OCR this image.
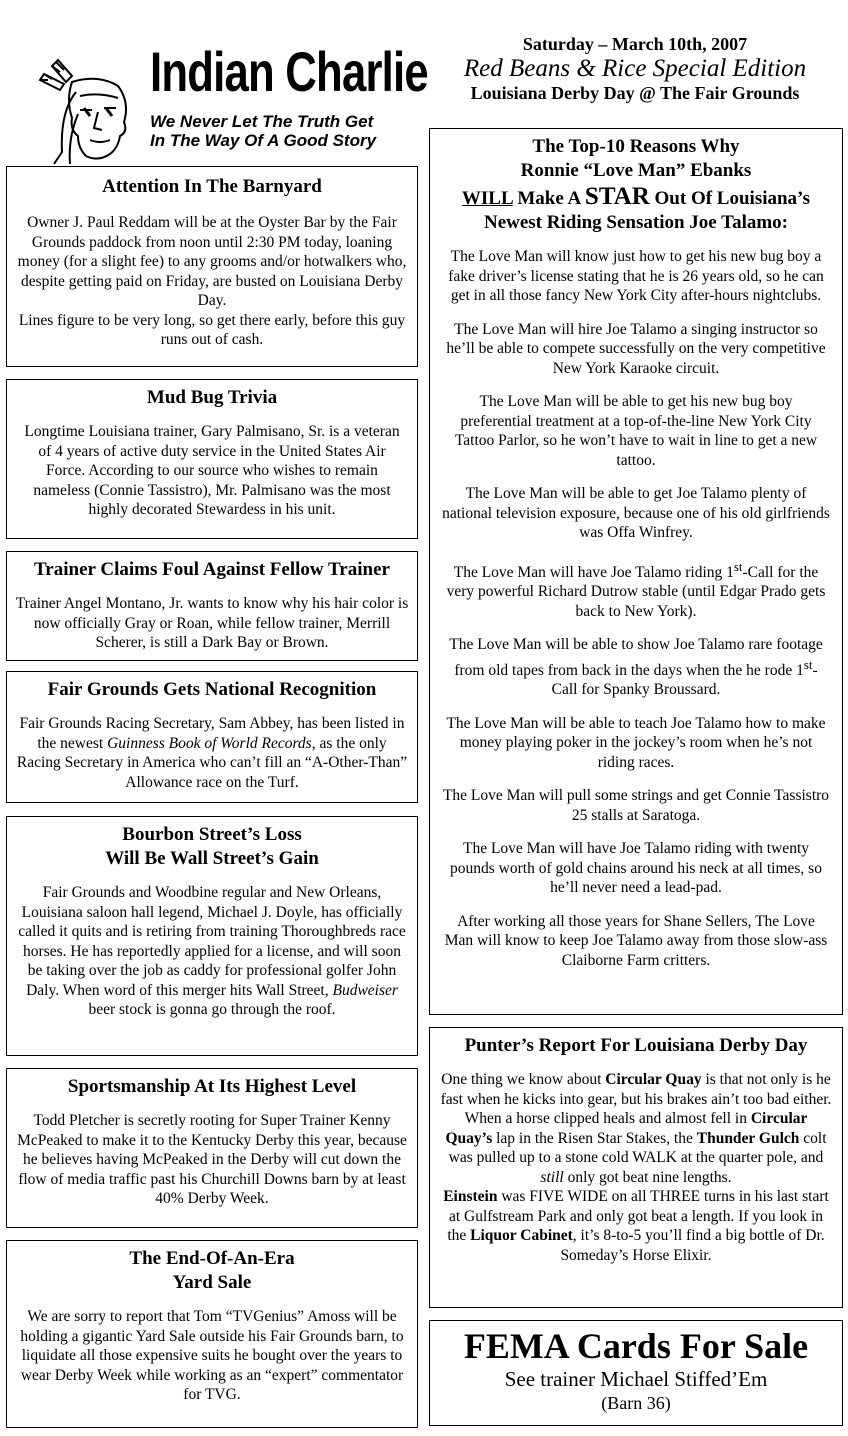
Indian Charlie
We Never Let The Truth Get
In The Way Of A Good Story
Saturday – March 10th, 2007
Red Beans & Rice Special Edition
Louisiana Derby Day @ The Fair Grounds
Attention In The Barnyard
Owner J. Paul Reddam will be at the Oyster Bar by the Fair Grounds paddock from noon until 2:30 PM today, loaning money (for a slight fee) to any grooms and/or hotwalkers who, despite getting paid on Friday, are busted on Louisiana Derby Day.
Lines figure to be very long, so get there early, before this guy runs out of cash.
Mud Bug Trivia
Longtime Louisiana trainer, Gary Palmisano, Sr. is a veteran of 4 years of active duty service in the United States Air Force. According to our source who wishes to remain nameless (Connie Tassistro), Mr. Palmisano was the most highly decorated Stewardess in his unit.
Trainer Claims Foul Against Fellow Trainer
Trainer Angel Montano, Jr. wants to know why his hair color is now officially Gray or Roan, while fellow trainer, Merrill Scherer, is still a Dark Bay or Brown.
Fair Grounds Gets National Recognition
Fair Grounds Racing Secretary, Sam Abbey, has been listed in the newest Guinness Book of World Records, as the only Racing Secretary in America who can’t fill an “A-Other-Than” Allowance race on the Turf.
Bourbon Street’s Loss
Will Be Wall Street’s Gain
Fair Grounds and Woodbine regular and New Orleans, Louisiana saloon hall legend, Michael J. Doyle, has officially called it quits and is retiring from training Thoroughbreds race horses. He has reportedly applied for a license, and will soon be taking over the job as caddy for professional golfer John Daly. When word of this merger hits Wall Street, Budweiser beer stock is gonna go through the roof.
Sportsmanship At Its Highest Level
Todd Pletcher is secretly rooting for Super Trainer Kenny McPeaked to make it to the Kentucky Derby this year, because he believes having McPeaked in the Derby will cut down the flow of media traffic past his Churchill Downs barn by at least 40% Derby Week.
The End-Of-An-Era
Yard Sale
We are sorry to report that Tom “TVGenius” Amoss will be holding a gigantic Yard Sale outside his Fair Grounds barn, to liquidate all those expensive suits he bought over the years to wear Derby Week while working as an “expert” commentator for TVG.
The Top-10 Reasons Why
Ronnie “Love Man” Ebanks
WILL Make A STAR Out Of Louisiana’s
Newest Riding Sensation Joe Talamo:
The Love Man will know just how to get his new bug boy a fake driver’s license stating that he is 26 years old, so he can get in all those fancy New York City after-hours nightclubs.
The Love Man will hire Joe Talamo a singing instructor so he’ll be able to compete successfully on the very competitive New York Karaoke circuit.
The Love Man will be able to get his new bug boy preferential treatment at a top-of-the-line New York City Tattoo Parlor, so he won’t have to wait in line to get a new tattoo.
The Love Man will be able to get Joe Talamo plenty of national television exposure, because one of his old girlfriends was Offa Winfrey.
The Love Man will have Joe Talamo riding 1st-Call for the very powerful Richard Dutrow stable (until Edgar Prado gets back to New York).
The Love Man will be able to show Joe Talamo rare footage from old tapes from back in the days when the he rode 1st-Call for Spanky Broussard.
The Love Man will be able to teach Joe Talamo how to make money playing poker in the jockey’s room when he’s not riding races.
The Love Man will pull some strings and get Connie Tassistro 25 stalls at Saratoga.
The Love Man will have Joe Talamo riding with twenty pounds worth of gold chains around his neck at all times, so he’ll never need a lead-pad.
After working all those years for Shane Sellers, The Love Man will know to keep Joe Talamo away from those slow-ass Claiborne Farm critters.
Punter’s Report For Louisiana Derby Day
One thing we know about Circular Quay is that not only is he fast when he kicks into gear, but his brakes ain’t too bad either. When a horse clipped heals and almost fell in Circular Quay’s lap in the Risen Star Stakes, the Thunder Gulch colt was pulled up to a stone cold WALK at the quarter pole, and still only got beat nine lengths.
Einstein was FIVE WIDE on all THREE turns in his last start at Gulfstream Park and only got beat a length. If you look in the Liquor Cabinet, it’s 8-to-5 you’ll find a big bottle of Dr. Someday’s Horse Elixir.
FEMA Cards For Sale
See trainer Michael Stiffed’Em
(Barn 36)
